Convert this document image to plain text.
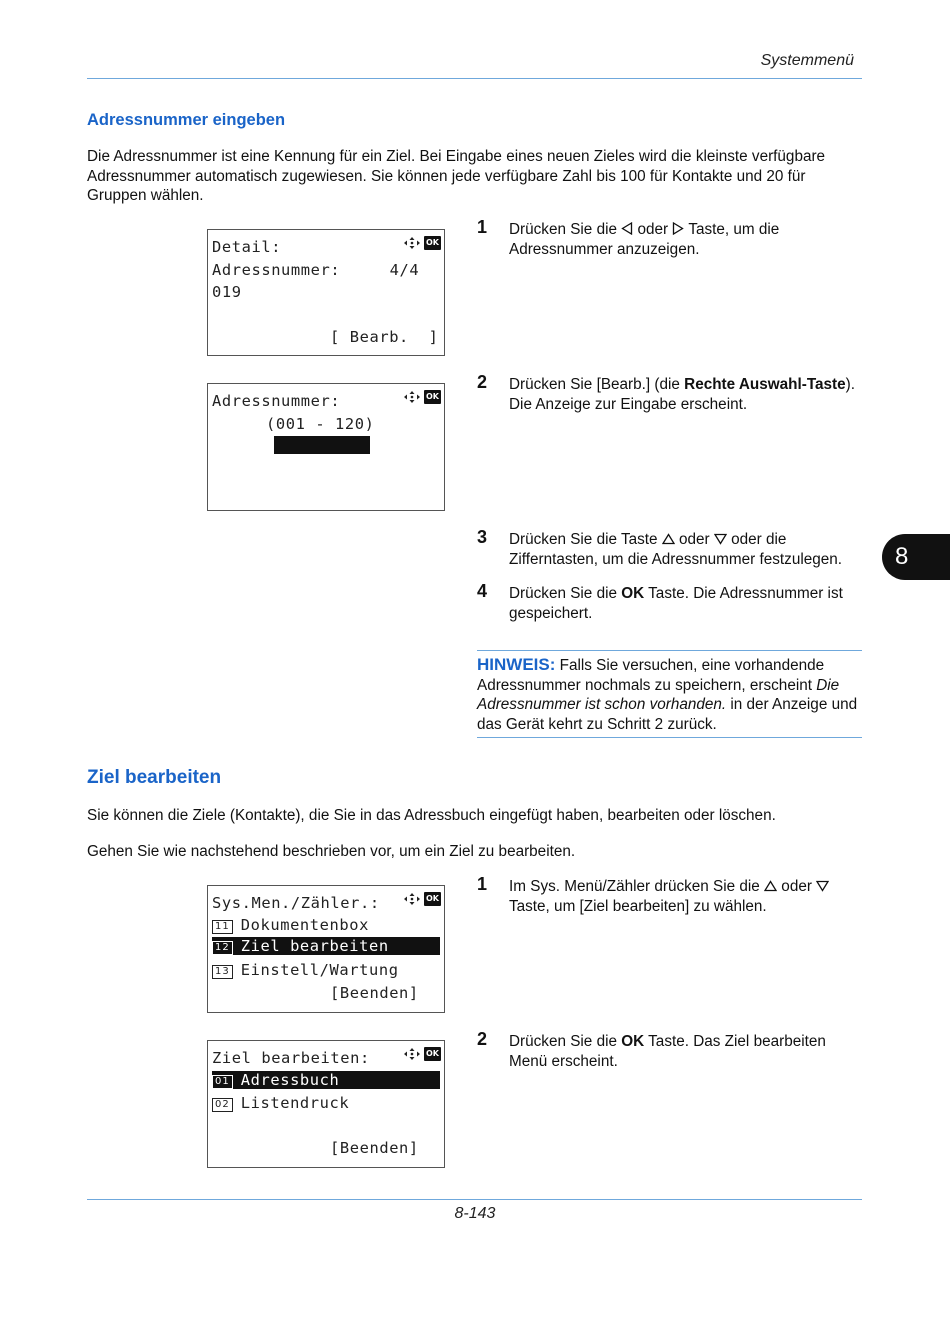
Systemmenü
Adressnummer eingeben
Die Adressnummer ist eine Kennung für ein Ziel. Bei Eingabe eines neuen Zieles wird die kleinste verfügbare Adressnummer automatisch zugewiesen. Sie können jede verfügbare Zahl bis 100 für Kontakte und 20 für Gruppen wählen.
Detail:	OK
Adressnummer:     4/4
019
[ Bearb.  ]
Adressnummer:	OK
(001 - 120)

053

1 Drücken Sie die
oder
Taste, um die Adressnummer anzuzeigen.
2 Drücken Sie [Bearb.] (die Rechte Auswahl-Taste). Die Anzeige zur Eingabe erscheint.
3 Drücken Sie die Taste
oder
oder die Zifferntasten, um die Adressnummer festzulegen.
4 Drücken Sie die OK Taste. Die Adressnummer ist gespeichert.
HINWEIS: Falls Sie versuchen, eine vorhandende Adressnummer nochmals zu speichern, erscheint Die Adressnummer ist schon vorhanden. in der Anzeige und das Gerät kehrt zu Schritt 2 zurück.
8
Ziel bearbeiten
Sie können die Ziele (Kontakte), die Sie in das Adressbuch eingefügt haben, bearbeiten oder löschen.
Gehen Sie wie nachstehend beschrieben vor, um ein Ziel zu bearbeiten.
Sys.Men./Zähler.:	OK
11 Dokumentenbox
12 Ziel bearbeiten
13 Einstell/Wartung
[Beenden]
Ziel bearbeiten:	OK
01 Adressbuch
02 Listendruck
[Beenden]
1 Im Sys. Menü/Zähler drücken Sie die
oder
Taste, um [Ziel bearbeiten] zu wählen.
2 Drücken Sie die OK Taste. Das Ziel bearbeiten Menü erscheint.
8-143
